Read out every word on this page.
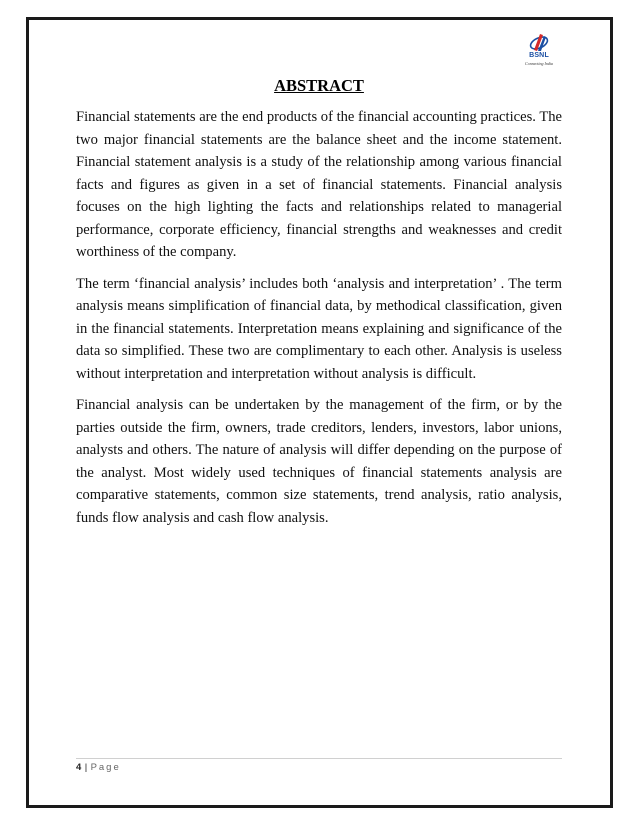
BSNL
Connecting India
ABSTRACT

Financial statements are the end products of the financial accounting practices. The two major financial statements are the balance sheet and the income statement. Financial statement analysis is a study of the relationship among various financial facts and figures as given in a set of financial statements. Financial analysis focuses on the high lighting the facts and relationships related to managerial performance, corporate efficiency, financial strengths and weaknesses and credit worthiness of the company.

The term ‘financial analysis’ includes both ‘analysis and interpretation’ . The term analysis means simplification of financial data, by methodical classification, given in the financial statements. Interpretation means explaining and significance of the data so simplified. These two are complimentary to each other. Analysis is useless without interpretation and interpretation without analysis is difficult.

Financial analysis can be undertaken by the management of the firm, or by the parties outside the firm, owners, trade creditors, lenders, investors, labor unions, analysts and others. The nature of analysis will differ depending on the purpose of the analyst. Most widely used techniques of financial statements analysis are comparative statements, common size statements, trend analysis, ratio analysis, funds flow analysis and cash flow analysis.

4 | Page
